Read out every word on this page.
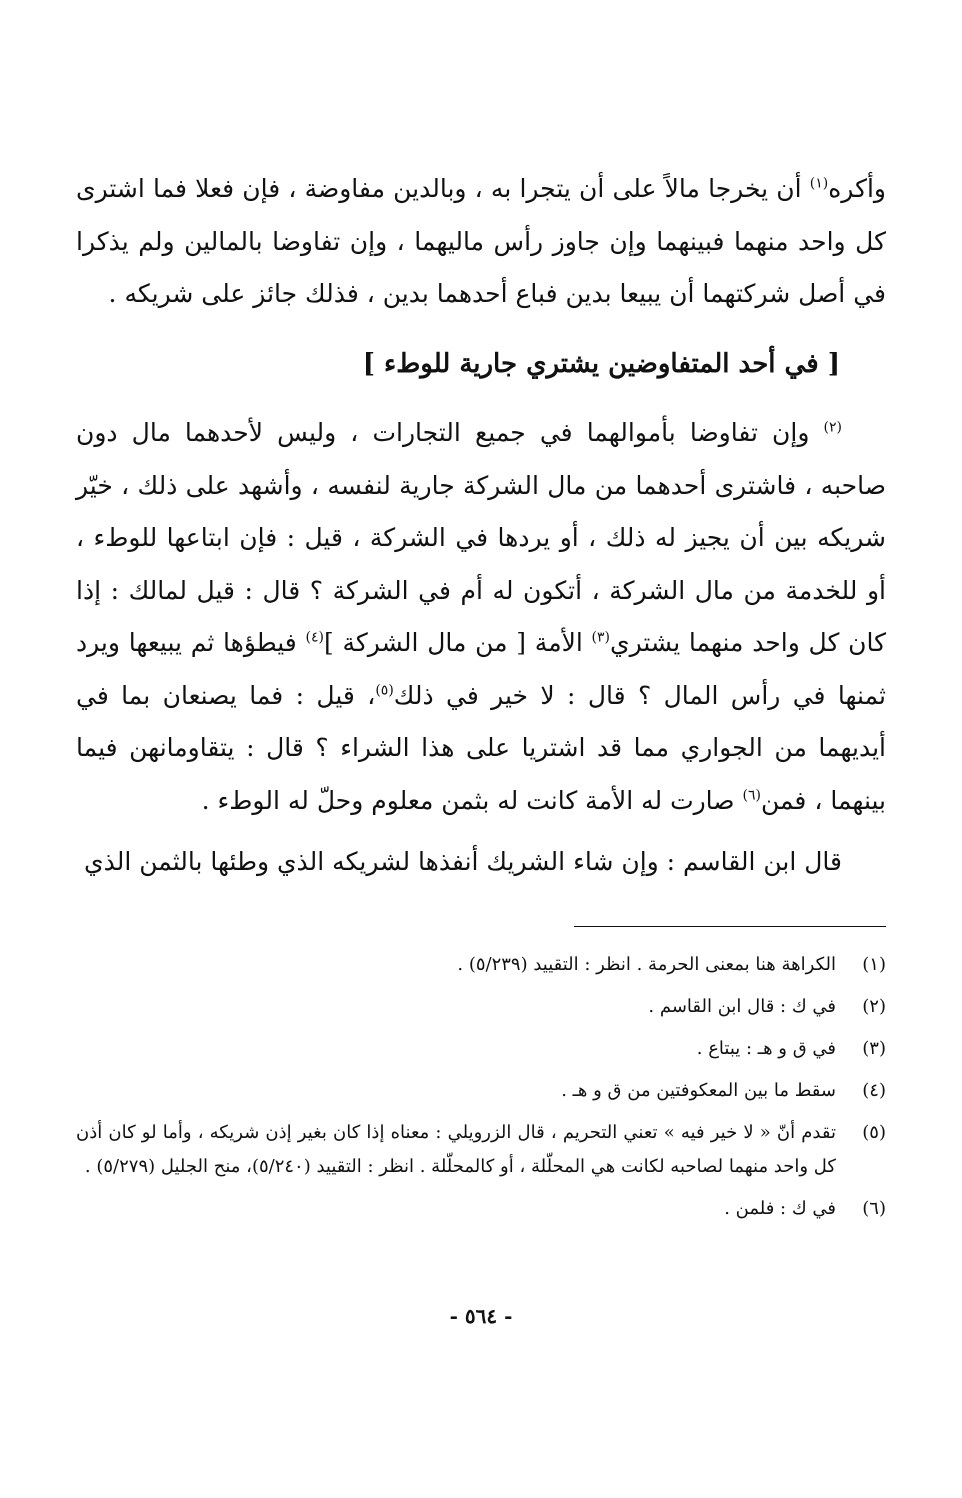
وأكره$^{(١)}$ أن يخرجا مالاً على أن يتجرا به ، وبالدين مفاوضة ، فإن فعلا فما اشترى كل واحد منهما فبينهما وإن جاوز رأس ماليهما ، وإن تفاوضا بالمالين ولم يذكرا في أصل شركتهما أن يبيعا بدين فباع أحدهما بدين ، فذلك جائز على شريكه .

[ في أحد المتفاوضين يشتري جارية للوطء ]

$^{(٢)}$ وإن تفاوضا بأموالهما في جميع التجارات ، وليس لأحدهما مال دون صاحبه ، فاشترى أحدهما من مال الشركة جارية لنفسه ، وأشهد على ذلك ، خيّر شريكه بين أن يجيز له ذلك ، أو يردها في الشركة ، قيل : فإن ابتاعها للوطء ، أو للخدمة من مال الشركة ، أتكون له أم في الشركة ؟ قال : قيل لمالك : إذا كان كل واحد منهما يشتري$^{(٣)}$ الأمة [ من مال الشركة ]$^{(٤)}$ فيطؤها ثم يبيعها ويرد ثمنها في رأس المال ؟ قال : لا خير في ذلك$^{(٥)}$، قيل : فما يصنعان بما في أيديهما من الجواري مما قد اشتريا على هذا الشراء ؟ قال : يتقاومانهن فيما بينهما ، فمن$^{(٦)}$ صارت له الأمة كانت له بثمن معلوم وحلّ له الوطء .

قال ابن القاسم : وإن شاء الشريك أنفذها لشريكه الذي وطئها بالثمن الذي

(١)
الكراهة هنا بمعنى الحرمة . انظر : التقييد (٥/٢٣٩) .
(٢)
في ك : قال ابن القاسم .
(٣)
في ق و هـ : يبتاع .
(٤)
سقط ما بين المعكوفتين من ق و هـ .
(٥)
تقدم أنّ « لا خير فيه » تعني التحريم ، قال الزرويلي : معناه إذا كان بغير إذن شريكه ، وأما لو كان أذن كل واحد منهما لصاحبه لكانت هي المحلّلة ، أو كالمحلّلة . انظر : التقييد (٥/٢٤٠)، منح الجليل (٥/٢٧٩) .
(٦)
في ك : فلمن .
- ٥٦٤ -
